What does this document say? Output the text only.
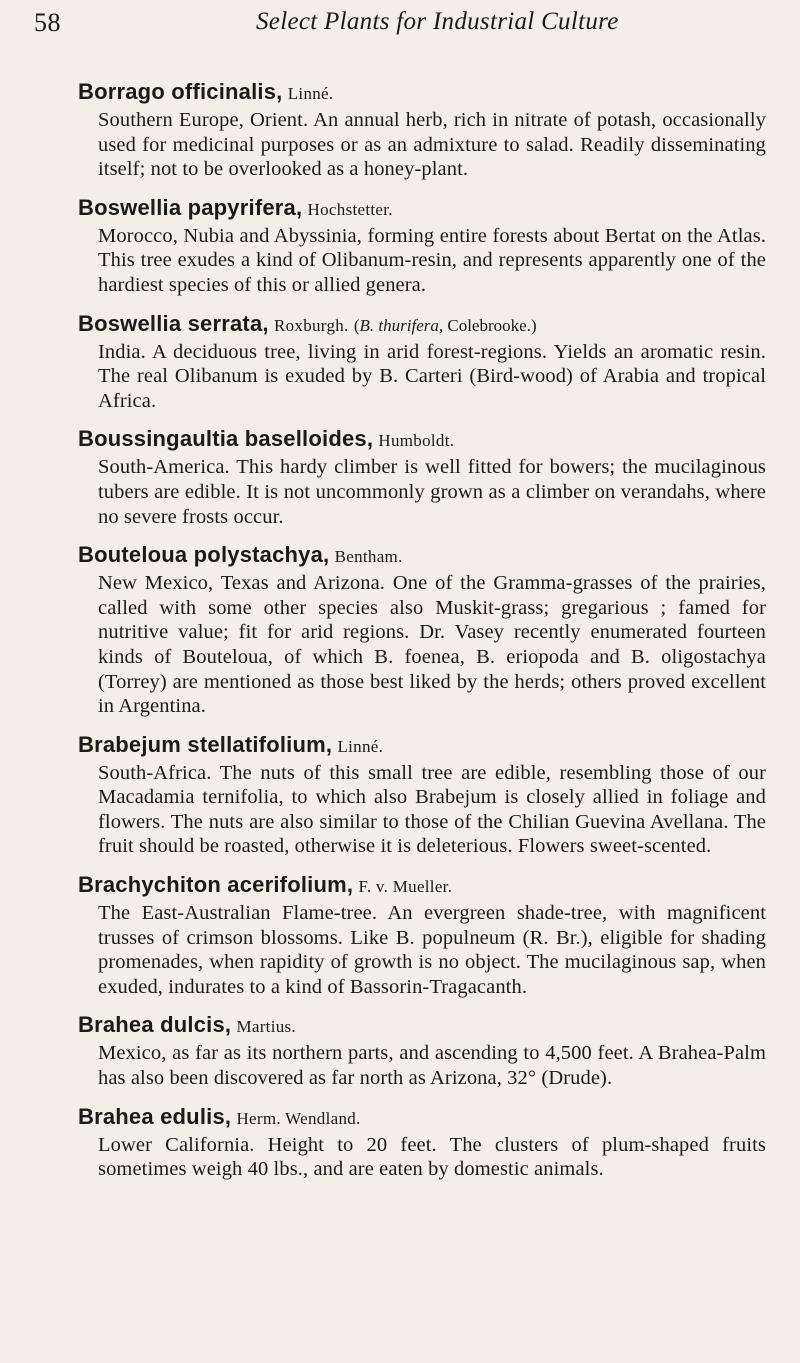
58	Select Plants for Industrial Culture
Borrago officinalis, Linné.
Southern Europe, Orient. An annual herb, rich in nitrate of potash, occasionally used for medicinal purposes or as an admixture to salad. Readily disseminating itself; not to be overlooked as a honey-plant.
Boswellia papyrifera, Hochstetter.
Morocco, Nubia and Abyssinia, forming entire forests about Bertat on the Atlas. This tree exudes a kind of Olibanum-resin, and represents apparently one of the hardiest species of this or allied genera.
Boswellia serrata, Roxburgh. (B. thurifera, Colebrooke.)
India. A deciduous tree, living in arid forest-regions. Yields an aromatic resin. The real Olibanum is exuded by B. Carteri (Bird-wood) of Arabia and tropical Africa.
Boussingaultia basellоides, Humboldt.
South-America. This hardy climber is well fitted for bowers; the mucilaginous tubers are edible. It is not uncommonly grown as a climber on verandahs, where no severe frosts occur.
Bouteloua polystachya, Bentham.
New Mexico, Texas and Arizona. One of the Gramma-grasses of the prairies, called with some other species also Muskit-grass; gregarious ; famed for nutritive value; fit for arid regions. Dr. Vasey recently enumerated fourteen kinds of Bouteloua, of which B. foenea, B. eriopoda and B. oligostachya (Torrey) are mentioned as those best liked by the herds; others proved excellent in Argentina.
Brabejum stellatifolium, Linné.
South-Africa. The nuts of this small tree are edible, resembling those of our Macadamia ternifolia, to which also Brabejum is closely allied in foliage and flowers. The nuts are also similar to those of the Chilian Guevina Avellana. The fruit should be roasted, otherwise it is deleterious. Flowers sweet-scented.
Brachychiton acerifolium, F. v. Mueller.
The East-Australian Flame-tree. An evergreen shade-tree, with magnificent trusses of crimson blossoms. Like B. populneum (R. Br.), eligible for shading promenades, when rapidity of growth is no object. The mucilaginous sap, when exuded, indurates to a kind of Bassorin-Tragacanth.
Brahea dulcis, Martius.
Mexico, as far as its northern parts, and ascending to 4,500 feet. A Brahea-Palm has also been discovered as far north as Arizona, 32° (Drude).
Brahea edulis, Herm. Wendland.
Lower California. Height to 20 feet. The clusters of plum-shaped fruits sometimes weigh 40 lbs., and are eaten by domestic animals.
